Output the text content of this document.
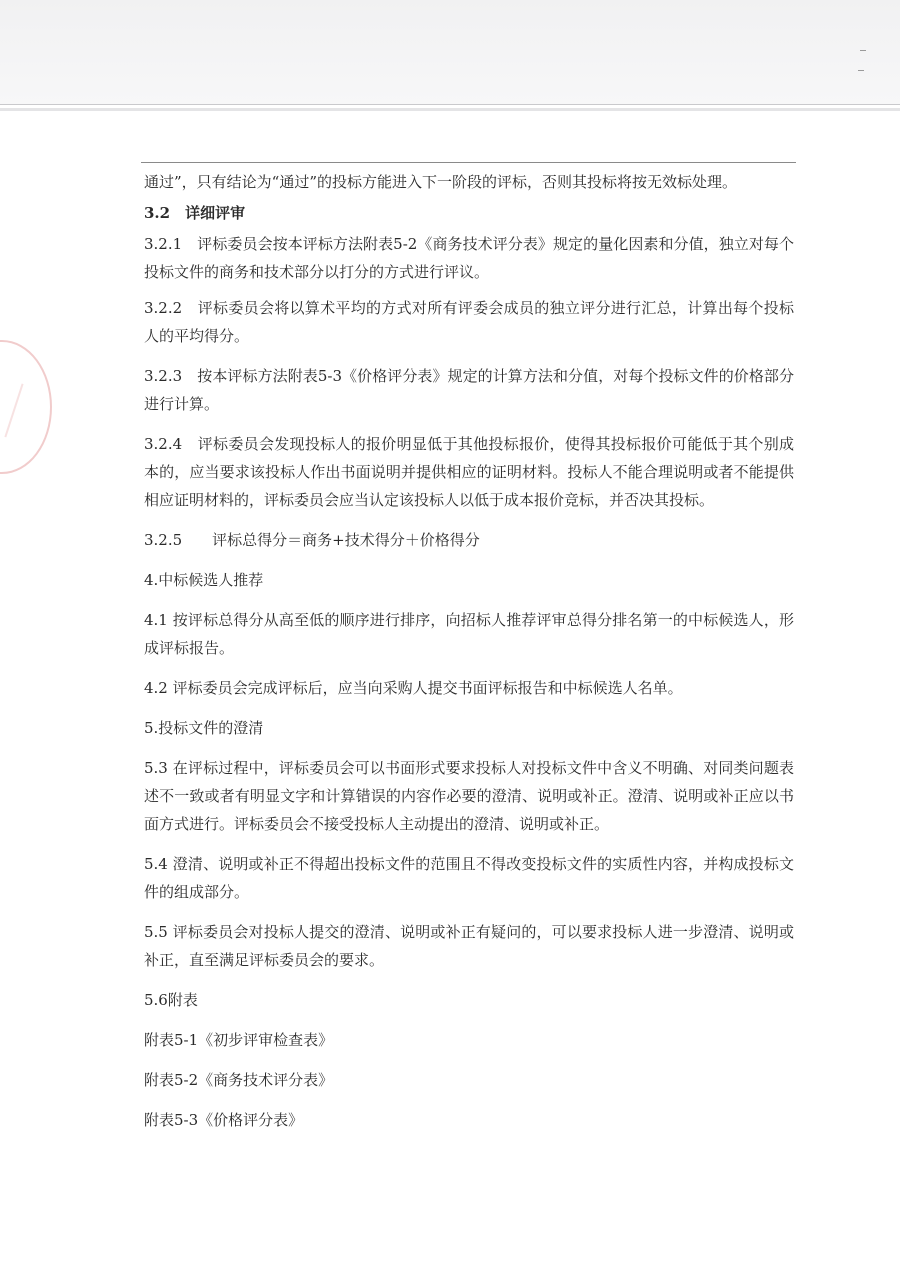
通过”，只有结论为“通过”的投标方能进入下一阶段的评标，否则其投标将按无效标处理。

3.2　详细评审

3.2.1　评标委员会按本评标方法附表5-2《商务技术评分表》规定的量化因素和分值，独立对每个投标文件的商务和技术部分以打分的方式进行评议。

3.2.2　评标委员会将以算术平均的方式对所有评委会成员的独立评分进行汇总，计算出每个投标人的平均得分。

3.2.3　按本评标方法附表5-3《价格评分表》规定的计算方法和分值，对每个投标文件的价格部分进行计算。

3.2.4　评标委员会发现投标人的报价明显低于其他投标报价，使得其投标报价可能低于其个别成本的，应当要求该投标人作出书面说明并提供相应的证明材料。投标人不能合理说明或者不能提供相应证明材料的，评标委员会应当认定该投标人以低于成本报价竞标，并否决其投标。

3.2.5　　评标总得分＝商务+技术得分＋价格得分

4.中标候选人推荐

4.1 按评标总得分从高至低的顺序进行排序，向招标人推荐评审总得分排名第一的中标候选人，形成评标报告。

4.2 评标委员会完成评标后，应当向采购人提交书面评标报告和中标候选人名单。

5.投标文件的澄清

5.3 在评标过程中，评标委员会可以书面形式要求投标人对投标文件中含义不明确、对同类问题表述不一致或者有明显文字和计算错误的内容作必要的澄清、说明或补正。澄清、说明或补正应以书面方式进行。评标委员会不接受投标人主动提出的澄清、说明或补正。

5.4 澄清、说明或补正不得超出投标文件的范围且不得改变投标文件的实质性内容，并构成投标文件的组成部分。

5.5 评标委员会对投标人提交的澄清、说明或补正有疑问的，可以要求投标人进一步澄清、说明或补正，直至满足评标委员会的要求。

5.6附表

附表5-1《初步评审检查表》

附表5-2《商务技术评分表》

附表5-3《价格评分表》
